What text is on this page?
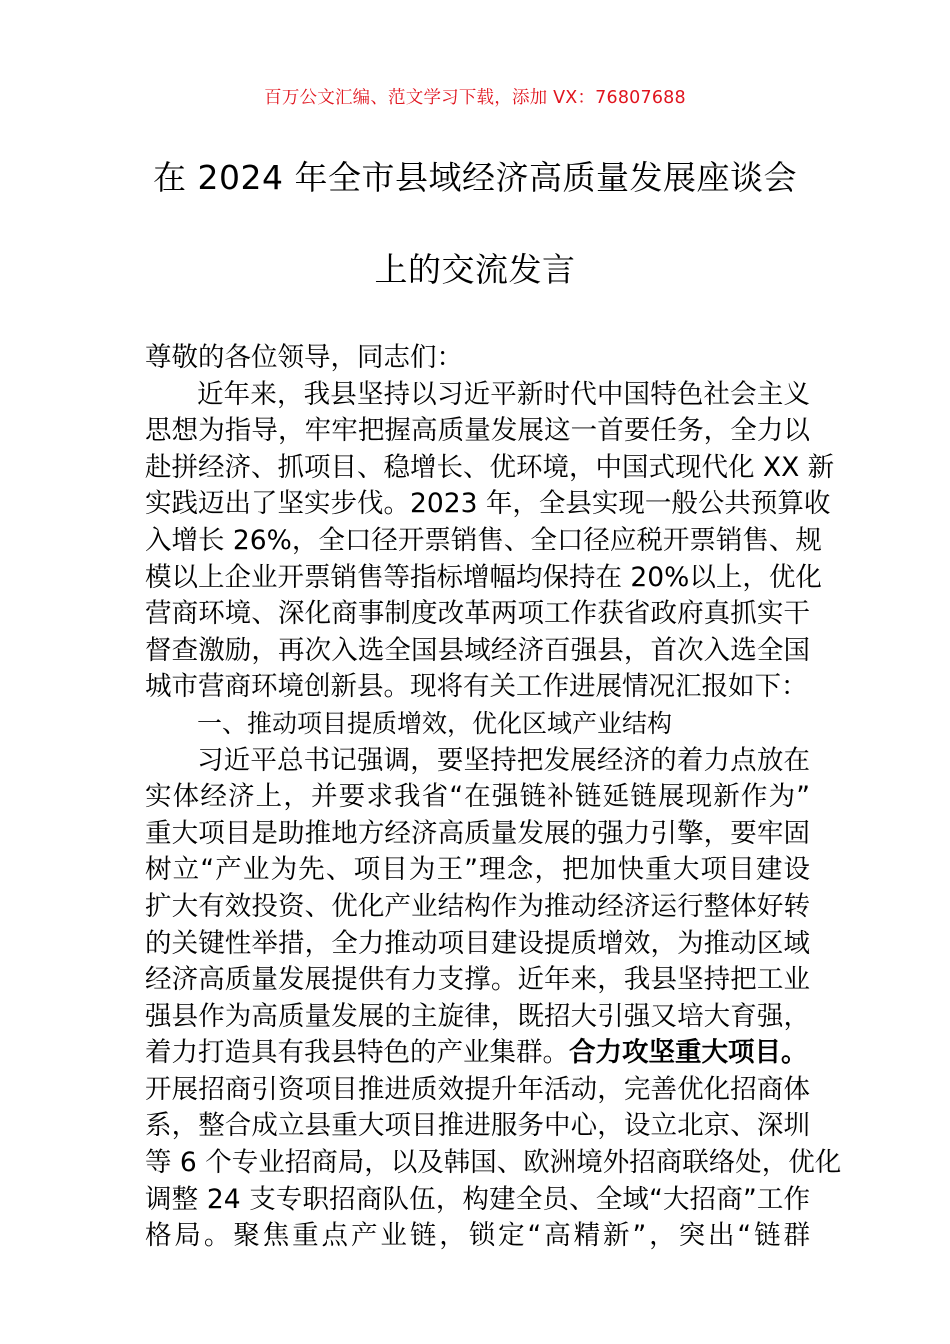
百万公文汇编、范文学习下载，添加 VX：76807688
在 2024 年全市县域经济高质量发展座谈会
上的交流发言
尊敬的各位领导，同志们：
近年来，我县坚持以习近平新时代中国特色社会主义
思想为指导，牢牢把握高质量发展这一首要任务，全力以
赴拼经济、抓项目、稳增长、优环境，中国式现代化 XX 新
实践迈出了坚实步伐。2023 年，全县实现一般公共预算收
入增长 26%，全口径开票销售、全口径应税开票销售、规
模以上企业开票销售等指标增幅均保持在 20%以上，优化
营商环境、深化商事制度改革两项工作获省政府真抓实干
督查激励，再次入选全国县域经济百强县，首次入选全国
城市营商环境创新县。现将有关工作进展情况汇报如下：
一、推动项目提质增效，优化区域产业结构
习近平总书记强调，要坚持把发展经济的着力点放在
实体经济上，并要求我省“在强链补链延链展现新作为”
重大项目是助推地方经济高质量发展的强力引擎，要牢固
树立“产业为先、项目为王”理念，把加快重大项目建设
扩大有效投资、优化产业结构作为推动经济运行整体好转
的关键性举措，全力推动项目建设提质增效，为推动区域
经济高质量发展提供有力支撑。近年来，我县坚持把工业
强县作为高质量发展的主旋律，既招大引强又培大育强，
着力打造具有我县特色的产业集群。合力攻坚重大项目。
开展招商引资项目推进质效提升年活动，完善优化招商体
系，整合成立县重大项目推进服务中心，设立北京、深圳
等 6 个专业招商局，以及韩国、欧洲境外招商联络处，优化
调整 24 支专职招商队伍，构建全员、全域“大招商”工作
格局。聚焦重点产业链，锁定“高精新”，突出“链群
